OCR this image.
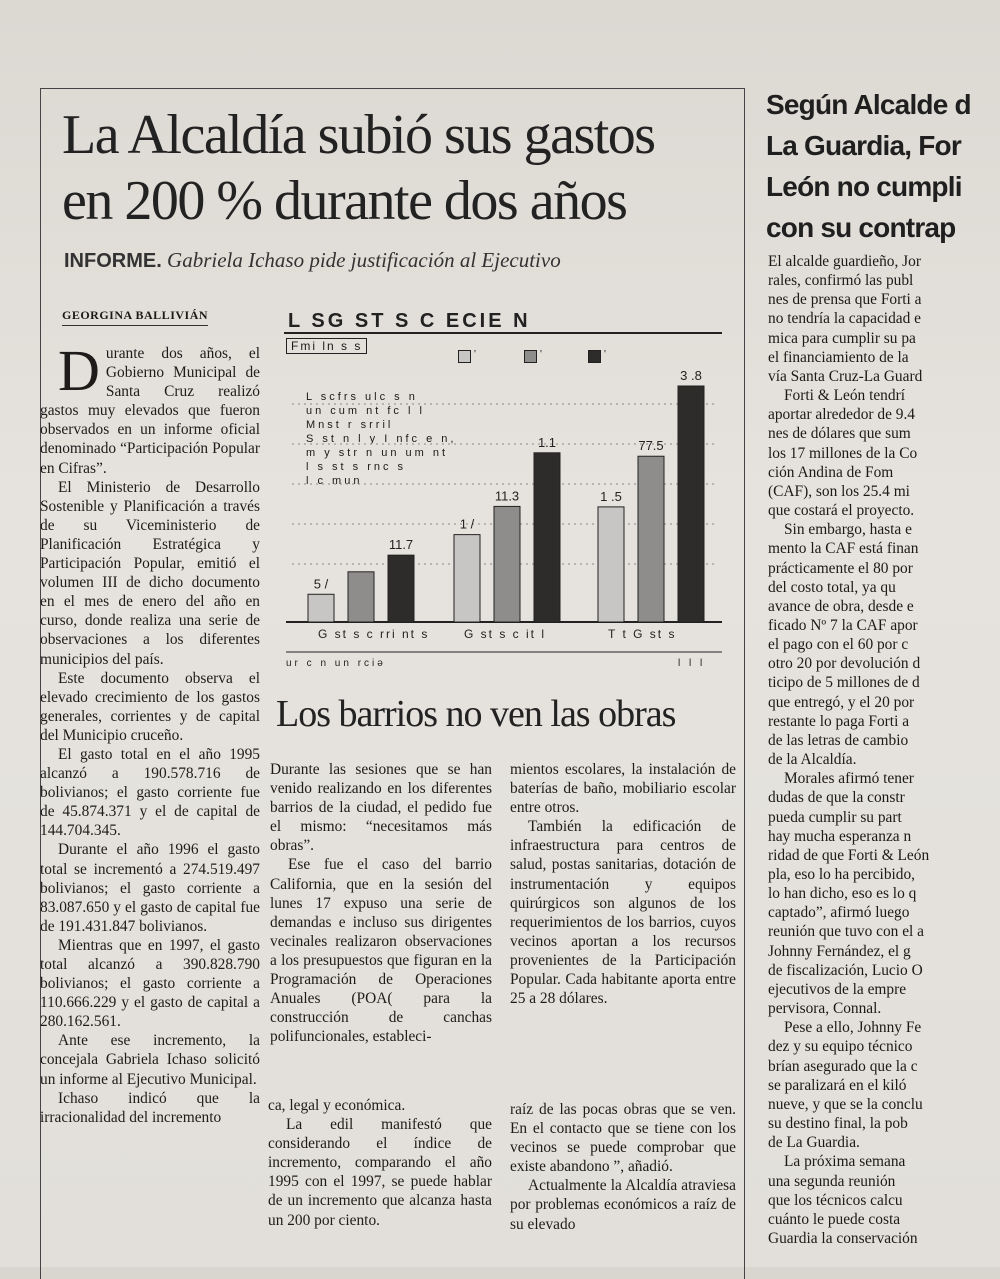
La Alcaldía subió sus gastos
en 200 % durante dos años
INFORME. Gabriela Ichaso pide justificación al Ejecutivo
GEORGINA BALLIVIÁN

Durante dos años, el Gobierno Municipal de Santa Cruz realizó gastos muy elevados que fueron observados en un informe oficial denominado “Participación Popular en Cifras”.

El Ministerio de Desarrollo Sostenible y Planificación a través de su Viceministerio de Planificación Estratégica y Participación Popular, emitió el volumen III de dicho documento en el mes de enero del año en curso, donde realiza una serie de observaciones a los diferentes municipios del país.

Este documento observa el elevado crecimiento de los gastos generales, corrientes y de capital del Municipio cruceño.

El gasto total en el año 1995 alcanzó a 190.578.716 de bolivianos; el gasto corriente fue de 45.874.371 y el de capital de 144.704.345.

Durante el año 1996 el gasto total se incrementó a 274.519.497 bolivianos; el gasto corriente a 83.087.650 y el gasto de capital fue de 191.431.847 bolivianos.

Mientras que en 1997, el gasto total alcanzó a 390.828.790 bolivianos; el gasto corriente a 110.666.229 y el gasto de capital a 280.162.561.

Ante ese incremento, la concejala Gabriela Ichaso solicitó un informe al Ejecutivo Municipal.

Ichaso indicó que la irracionalidad del incremento

L SG ST S C ECIE N
Fmi ln s s
'	'	'
L scfrs ulc s n
un cum nt fc l l
Mnst r srril
S st n l y I nfc e n,
m y str n un um nt
l s st s rnc s
l c mun
5 /
11.7
G st s c rri nt s
1 /
11.3
1.1
G st s c it l
1 .5
77.5
3 .8
T t G st s
ur c n un rciə	l l l
Los barrios no ven las obras

Durante las sesiones que se han venido realizando en los diferentes barrios de la ciudad, el pedido fue el mismo: “necesitamos más obras”.

Ese fue el caso del barrio California, que en la sesión del lunes 17 expuso una serie de demandas e incluso sus dirigentes vecinales realizaron observaciones a los presupuestos que figuran en la Programación de Operaciones Anuales (POA( para la construcción de canchas polifuncionales, estableci-

mientos escolares, la instalación de baterías de baño, mobiliario escolar entre otros.

También la edificación de infraestructura para centros de salud, postas sanitarias, dotación de instrumentación y equipos quirúrgicos son algunos de los requerimientos de los barrios, cuyos vecinos aportan a los recursos provenientes de la Participación Popular. Cada habitante aporta entre 25 a 28 dólares.

ca, legal y económica.

La edil manifestó que considerando el índice de incremento, comparando el año 1995 con el 1997, se puede hablar de un incremento que alcanza hasta un 200 por ciento.

raíz de las pocas obras que se ven. En el contacto que se tiene con los vecinos se puede comprobar que existe abandono ”, añadió.

Actualmente la Alcaldía atraviesa por problemas económicos a raíz de su elevado

Según Alcalde d
La Guardia, For
León no cumpli
con su contrap
El alcalde guardieño, Jor
rales, confirmó las publ
nes de prensa que Forti a
no tendría la capacidad e
mica para cumplir su pa
el financiamiento de la
vía Santa Cruz-La Guard
Forti & León tendrí
aportar alrededor de 9.4
nes de dólares que sum
los 17 millones de la Co
ción Andina de Fom
(CAF), son los 25.4 mi
que costará el proyecto.
Sin embargo, hasta e
mento la CAF está finan
prácticamente el 80 por
del costo total, ya qu
avance de obra, desde e
ficado Nº 7 la CAF apor
el pago con el 60 por c
otro 20 por devolución d
ticipo de 5 millones de d
que entregó, y el 20 por
restante lo paga Forti a
de las letras de cambio
de la Alcaldía.
Morales afirmó tener
dudas de que la constr
pueda cumplir su part
hay mucha esperanza n
ridad de que Forti & León
pla, eso lo ha percibido,
lo han dicho, eso es lo q
captado”, afirmó luego
reunión que tuvo con el a
Johnny Fernández, el g
de fiscalización, Lucio O
ejecutivos de la empre
pervisora, Connal.
Pese a ello, Johnny Fe
dez y su equipo técnico
brían asegurado que la c
se paralizará en el kiló
nueve, y que se la conclu
su destino final, la pob
de La Guardia.
La próxima semana
una segunda reunión
que los técnicos calcu
cuánto le puede costa
Guardia la conservación
